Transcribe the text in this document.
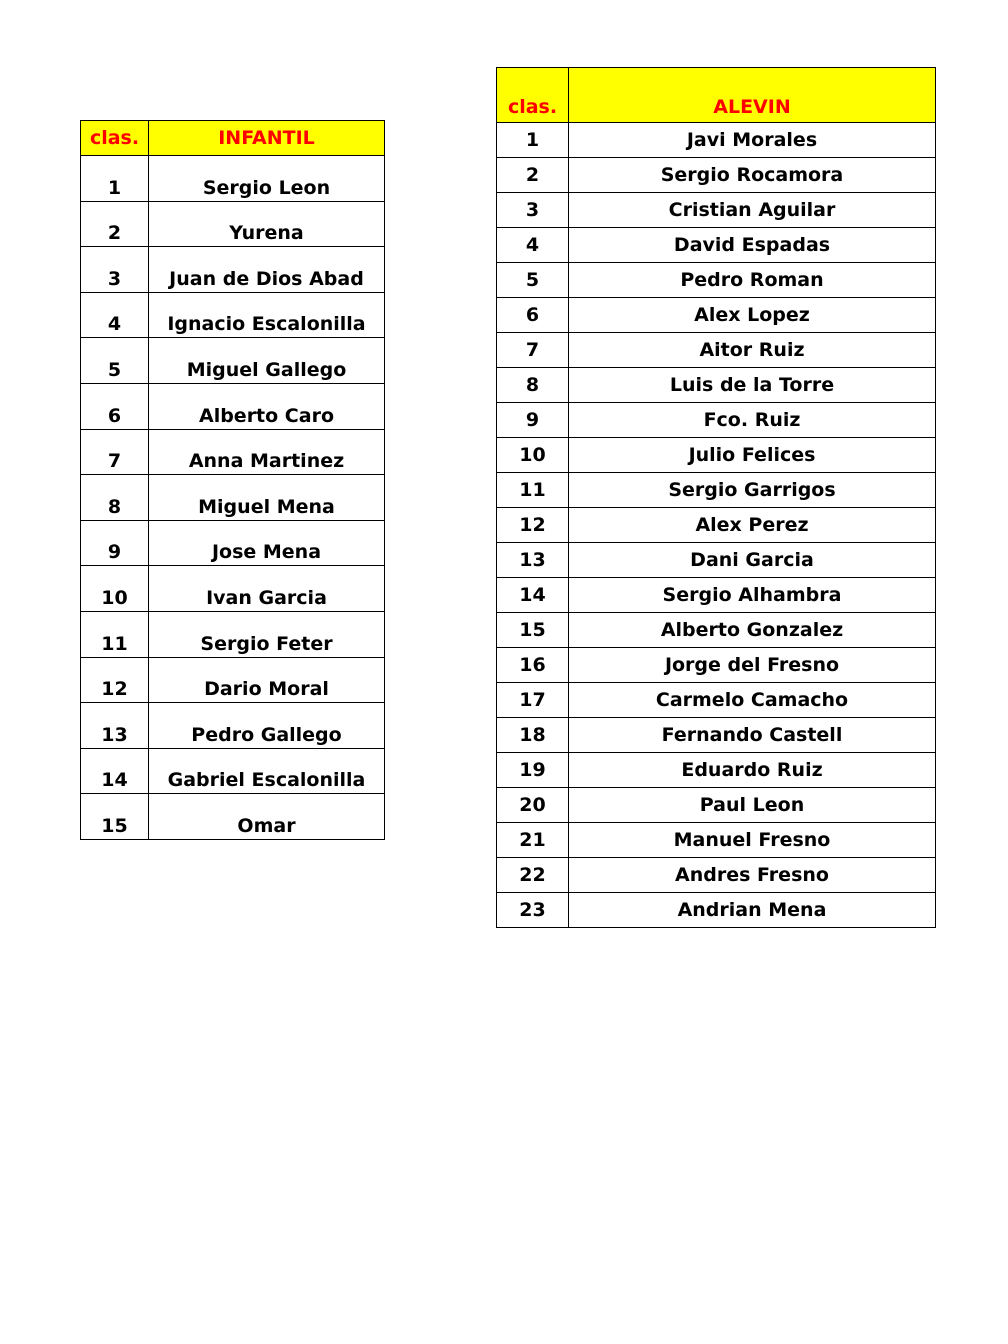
clas.	INFANTIL
1	Sergio Leon
2	Yurena
3	Juan de Dios Abad
4	Ignacio Escalonilla
5	Miguel Gallego
6	Alberto Caro
7	Anna Martinez
8	Miguel Mena
9	Jose Mena
10	Ivan Garcia
11	Sergio Feter
12	Dario Moral
13	Pedro Gallego
14	Gabriel Escalonilla
15	Omar
clas.	ALEVIN
1	Javi Morales
2	Sergio Rocamora
3	Cristian Aguilar
4	David Espadas
5	Pedro Roman
6	Alex Lopez
7	Aitor Ruiz
8	Luis de la Torre
9	Fco. Ruiz
10	Julio Felices
11	Sergio Garrigos
12	Alex Perez
13	Dani Garcia
14	Sergio Alhambra
15	Alberto Gonzalez
16	Jorge del Fresno
17	Carmelo Camacho
18	Fernando Castell
19	Eduardo Ruiz
20	Paul Leon
21	Manuel Fresno
22	Andres Fresno
23	Andrian Mena
